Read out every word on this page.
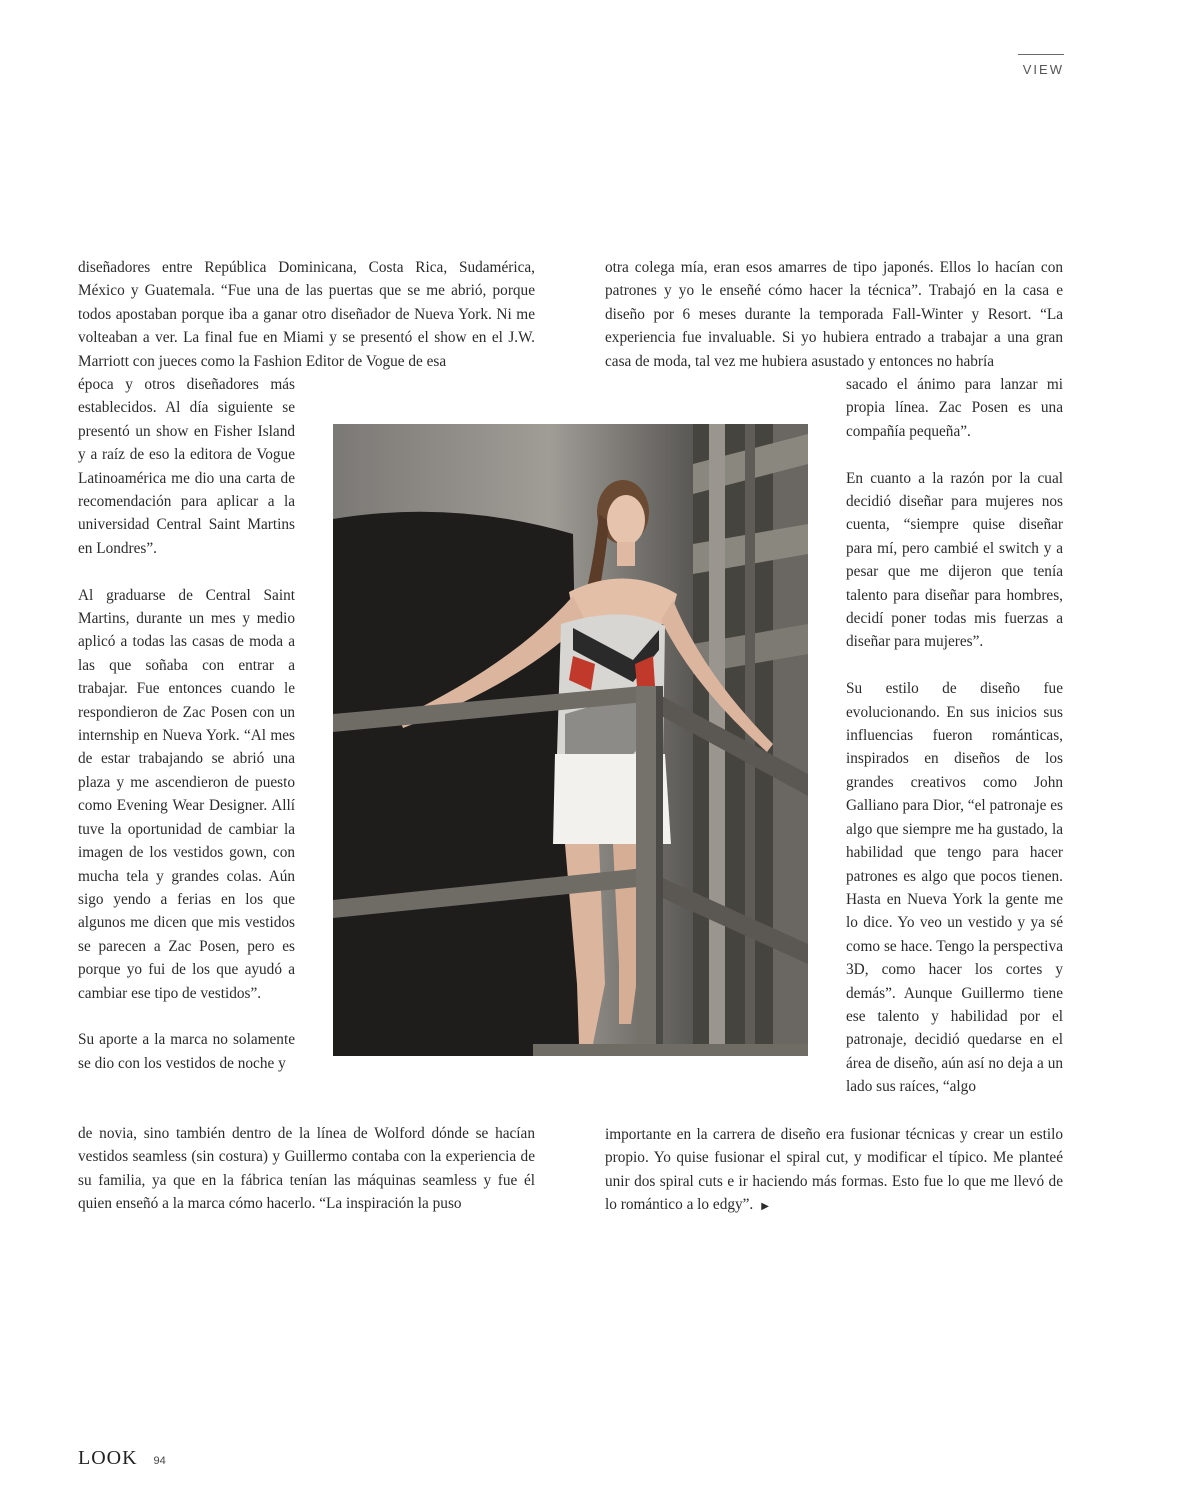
VIEW

diseñadores entre República Dominicana, Costa Rica, Sudamérica, México y Guatemala. “Fue una de las puertas que se me abrió, porque todos apostaban porque iba a ganar otro diseñador de Nueva York. Ni me volteaban a ver. La final fue en Miami y se presentó el show en el J.W. Marriott con jueces como la Fashion Editor de Vogue de esa

época y otros diseñadores más establecidos. Al día siguiente se presentó un show en Fisher Island y a raíz de eso la editora de Vogue Latinoamérica me dio una carta de recomendación para aplicar a la universidad Central Saint Martins en Londres”.

Al graduarse de Central Saint Martins, durante un mes y medio aplicó a todas las casas de moda a las que soñaba con entrar a trabajar. Fue entonces cuando le respondieron de Zac Posen con un internship en Nueva York. “Al mes de estar trabajando se abrió una plaza y me ascendieron de puesto como Evening Wear Designer. Allí tuve la oportunidad de cambiar la imagen de los vestidos gown, con mucha tela y grandes colas. Aún sigo yendo a ferias en los que algunos me dicen que mis vestidos se parecen a Zac Posen, pero es porque yo fui de los que ayudó a cambiar ese tipo de vestidos”.

Su aporte a la marca no solamente se dio con los vestidos de noche y

de novia, sino también dentro de la línea de Wolford dónde se hacían vestidos seamless (sin costura) y Guillermo contaba con la experiencia de su familia, ya que en la fábrica tenían las máquinas seamless y fue él quien enseñó a la marca cómo hacerlo. “La inspiración la puso

otra colega mía, eran esos amarres de tipo japonés. Ellos lo hacían con patrones y yo le enseñé cómo hacer la técnica”. Trabajó en la casa e diseño por 6 meses durante la temporada Fall-Winter y Resort. “La experiencia fue invaluable. Si yo hubiera entrado a trabajar a una gran casa de moda, tal vez me hubiera asustado y entonces no habría

sacado el ánimo para lanzar mi propia línea. Zac Posen es una compañía pequeña”.

En cuanto a la razón por la cual decidió diseñar para mujeres nos cuenta, “siempre quise diseñar para mí, pero cambié el switch y a pesar que me dijeron que tenía talento para diseñar para hombres, decidí poner todas mis fuerzas a diseñar para mujeres”.

Su estilo de diseño fue evolucionando. En sus inicios sus influencias fueron románticas, inspirados en diseños de los grandes creativos como John Galliano para Dior, “el patronaje es algo que siempre me ha gustado, la habilidad que tengo para hacer patrones es algo que pocos tienen. Hasta en Nueva York la gente me lo dice. Yo veo un vestido y ya sé como se hace. Tengo la perspectiva 3D, como hacer los cortes y demás”. Aunque Guillermo tiene ese talento y habilidad por el patronaje, decidió quedarse en el área de diseño, aún así no deja a un lado sus raíces, “algo

importante en la carrera de diseño era fusionar técnicas y crear un estilo propio. Yo quise fusionar el spiral cut, y modificar el típico. Me planteé unir dos spiral cuts e ir haciendo más formas. Esto fue lo que me llevó de lo romántico a lo edgy”. ▶

LOOK 94
